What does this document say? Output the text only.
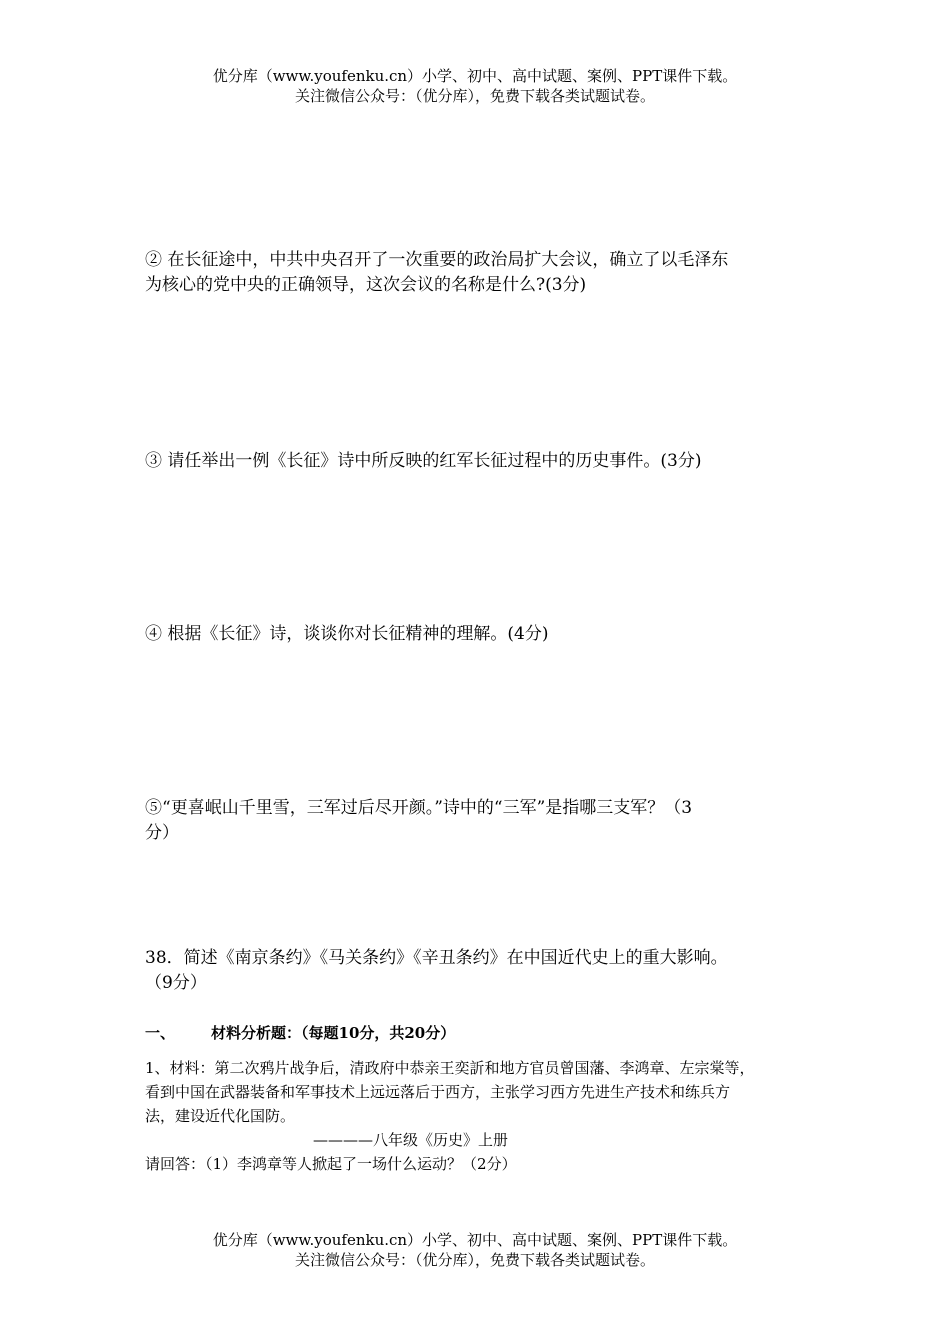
优分库（www.youfenku.cn）小学、初中、高中试题、案例、PPT课件下载。
关注微信公众号：（优分库），免费下载各类试题试卷。
② 在长征途中，中共中央召开了一次重要的政治局扩大会议，确立了以毛泽东
为核心的党中央的正确领导，这次会议的名称是什么?(3分)
③ 请任举出一例《长征》诗中所反映的红军长征过程中的历史事件。(3分)
④ 根据《长征》诗，谈谈你对长征精神的理解。(4分)
⑤“更喜岷山千里雪，三军过后尽开颜。”诗中的“三军”是指哪三支军？（3
分）
38．简述《南京条约》《马关条约》《辛丑条约》在中国近代史上的重大影响。
（9分）
一、 材料分析题：（每题10分，共20分）
1、材料：第二次鸦片战争后，清政府中恭亲王奕訢和地方官员曾国藩、李鸿章、左宗棠等，
看到中国在武器装备和军事技术上远远落后于西方，主张学习西方先进生产技术和练兵方
法，建设近代化国防。
————八年级《历史》上册
请回答：（1）李鸿章等人掀起了一场什么运动？（2分）
优分库（www.youfenku.cn）小学、初中、高中试题、案例、PPT课件下载。
关注微信公众号：（优分库），免费下载各类试题试卷。
